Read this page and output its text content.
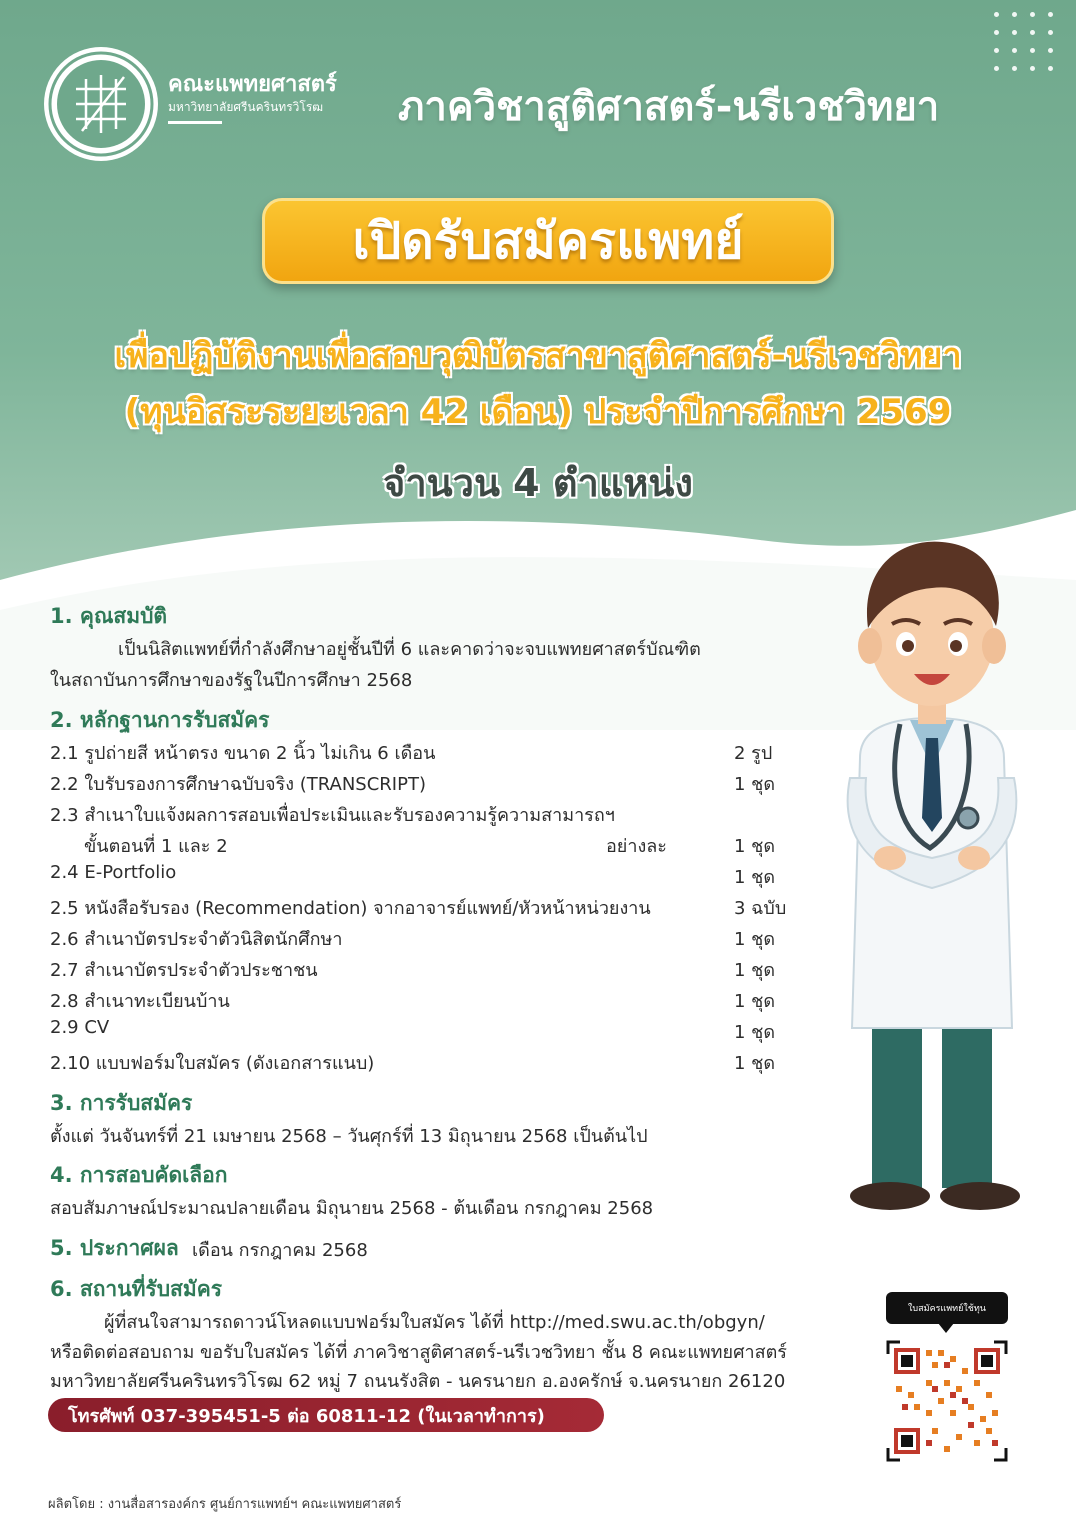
คณะแพทยศาสตร์
มหาวิทยาลัยศรีนครินทรวิโรฒ	ภาควิชาสูติศาสตร์-นรีเวชวิทยา
เปิดรับสมัครแพทย์
เพื่อปฏิบัติงานเพื่อสอบวุฒิบัตรสาขาสูติศาสตร์-นรีเวชวิทยา
(ทุนอิสระระยะเวลา 42 เดือน) ประจำปีการศึกษา 2569
จำนวน 4 ตำแหน่ง
1. คุณสมบัติ
เป็นนิสิตแพทย์ที่กำลังศึกษาอยู่ชั้นปีที่ 6 และคาดว่าจะจบแพทยศาสตร์บัณฑิต
ในสถาบันการศึกษาของรัฐในปีการศึกษา 2568
2. หลักฐานการรับสมัคร
2.1 รูปถ่ายสี หน้าตรง ขนาด 2 นิ้ว ไม่เกิน 6 เดือน	2 รูป
2.2 ใบรับรองการศึกษาฉบับจริง (TRANSCRIPT)	1 ชุด
2.3 สำเนาใบแจ้งผลการสอบเพื่อประเมินและรับรองความรู้ความสามารถฯ
ขั้นตอนที่ 1 และ 2	อย่างละ	1 ชุด
2.4 E-Portfolio	1 ชุด
2.5 หนังสือรับรอง (Recommendation) จากอาจารย์แพทย์/หัวหน้าหน่วยงาน	3 ฉบับ
2.6 สำเนาบัตรประจำตัวนิสิตนักศึกษา	1 ชุด
2.7 สำเนาบัตรประจำตัวประชาชน	1 ชุด
2.8 สำเนาทะเบียนบ้าน	1 ชุด
2.9 CV	1 ชุด
2.10 แบบฟอร์มใบสมัคร (ดังเอกสารแนบ)	1 ชุด
3. การรับสมัคร
ตั้งแต่ วันจันทร์ที่ 21 เมษายน 2568 – วันศุกร์ที่ 13 มิถุนายน 2568 เป็นต้นไป
4. การสอบคัดเลือก
สอบสัมภาษณ์ประมาณปลายเดือน มิถุนายน 2568 - ต้นเดือน กรกฎาคม 2568
5. ประกาศผล เดือน กรกฎาคม 2568
6. สถานที่รับสมัคร
ผู้ที่สนใจสามารถดาวน์โหลดแบบฟอร์มใบสมัคร ได้ที่ http://med.swu.ac.th/obgyn/
หรือติดต่อสอบถาม ขอรับใบสมัคร ได้ที่ ภาควิชาสูติศาสตร์-นรีเวชวิทยา ชั้น 8 คณะแพทยศาสตร์
มหาวิทยาลัยศรีนครินทรวิโรฒ 62 หมู่ 7 ถนนรังสิต - นครนายก อ.องครักษ์ จ.นครนายก 26120
โทรศัพท์ 037-395451-5 ต่อ 60811-12 (ในเวลาทำการ)
ผลิตโดย : งานสื่อสารองค์กร ศูนย์การแพทย์ฯ คณะแพทยศาสตร์
ใบสมัครแพทย์ใช้ทุน
